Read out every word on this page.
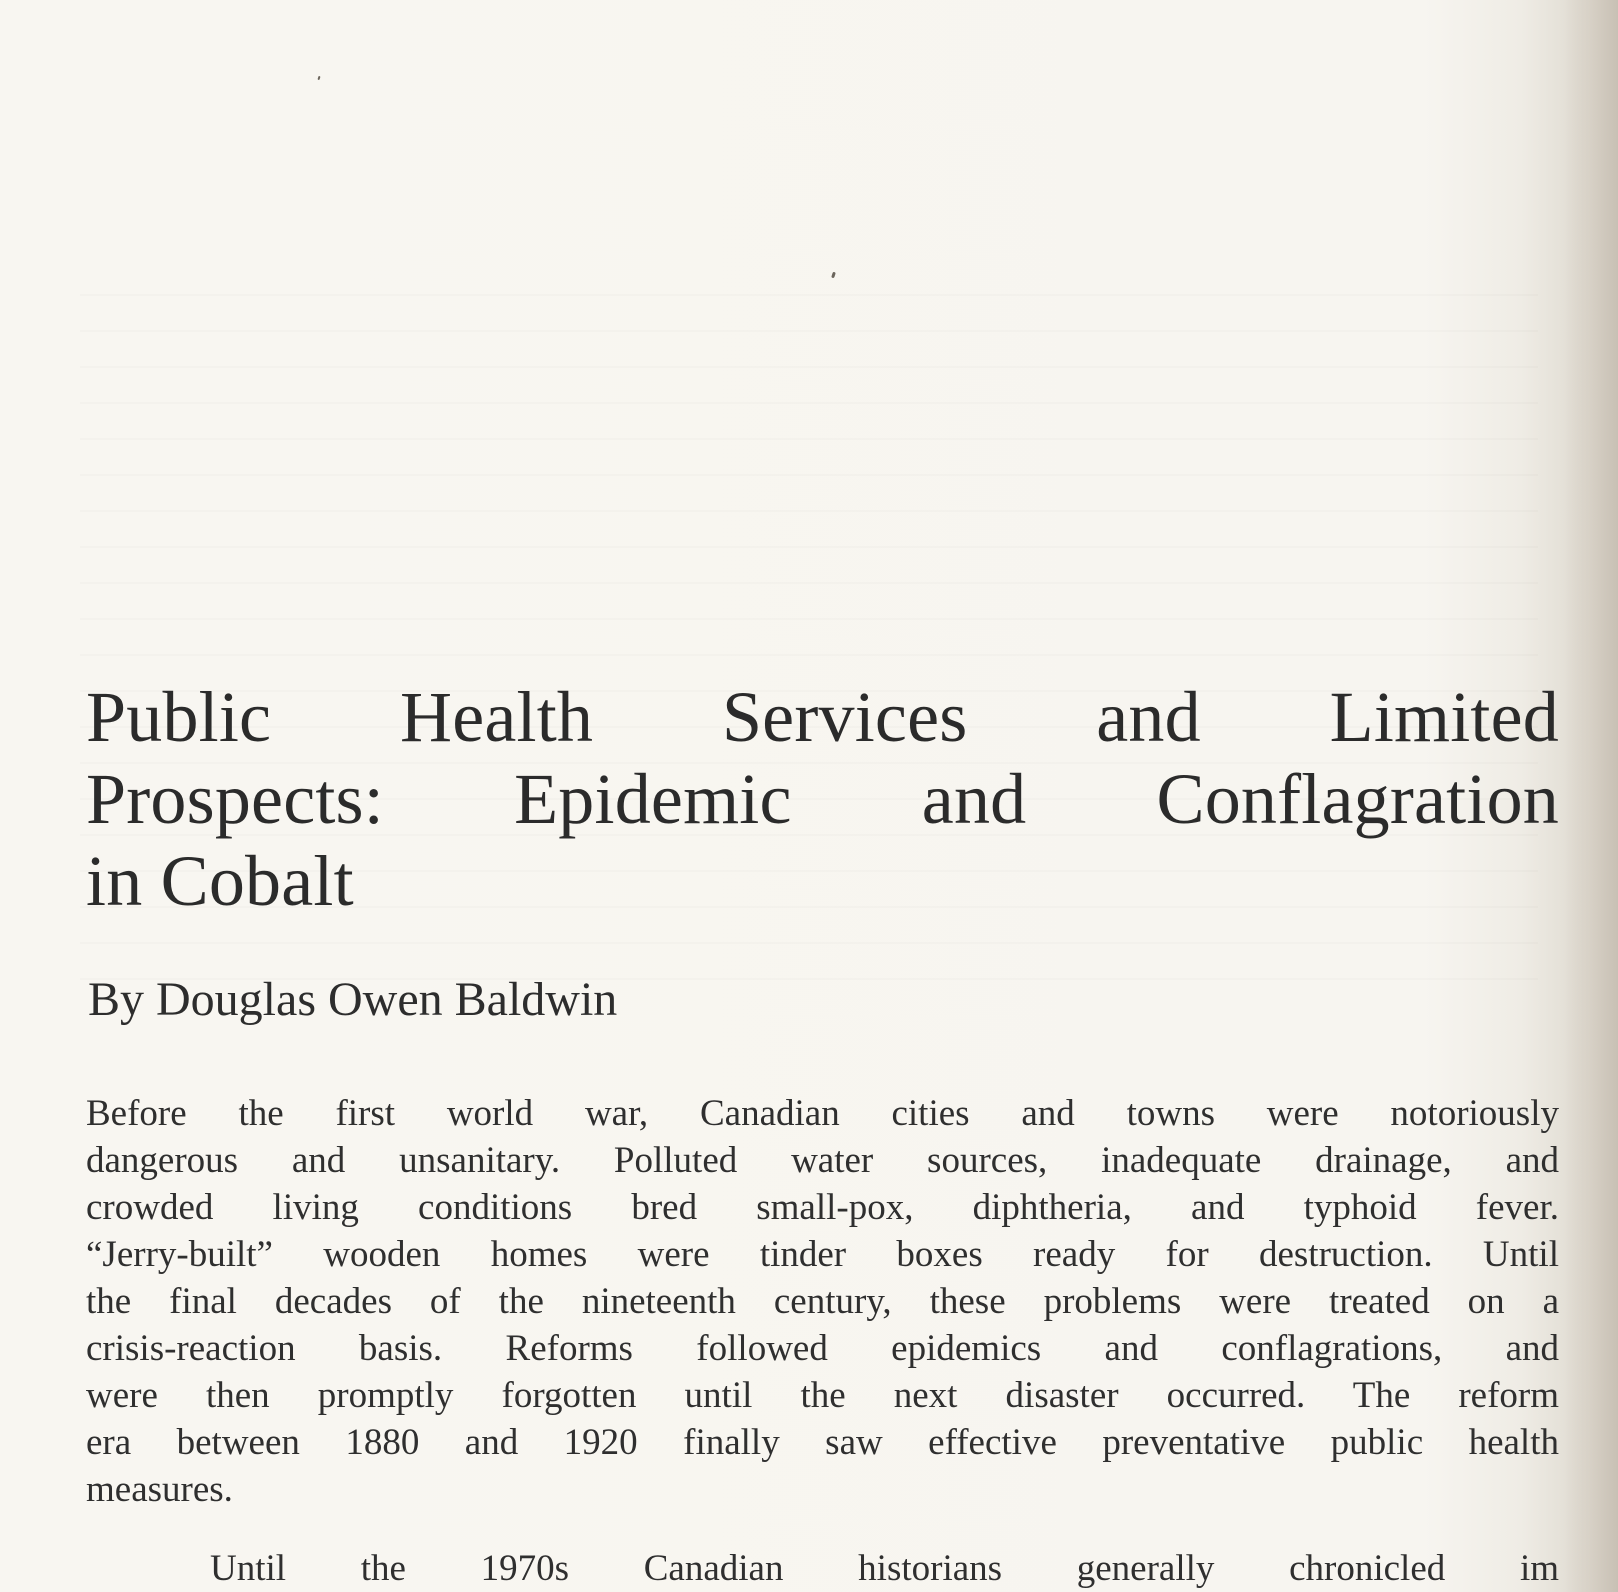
Public Health Services and Limited
Prospects: Epidemic and Conflagration
in Cobalt

By Douglas Owen Baldwin

Before the first world war, Canadian cities and towns were notoriously
dangerous and unsanitary. Polluted water sources, inadequate drainage, and
crowded living conditions bred small-pox, diphtheria, and typhoid fever.
“Jerry-built” wooden homes were tinder boxes ready for destruction. Until
the final decades of the nineteenth century, these problems were treated on a
crisis-reaction basis. Reforms followed epidemics and conflagrations, and
were then promptly forgotten until the next disaster occurred. The reform
era between 1880 and 1920 finally saw effective preventative public health
measures.
Until the 1970s Canadian historians generally chronicled im
